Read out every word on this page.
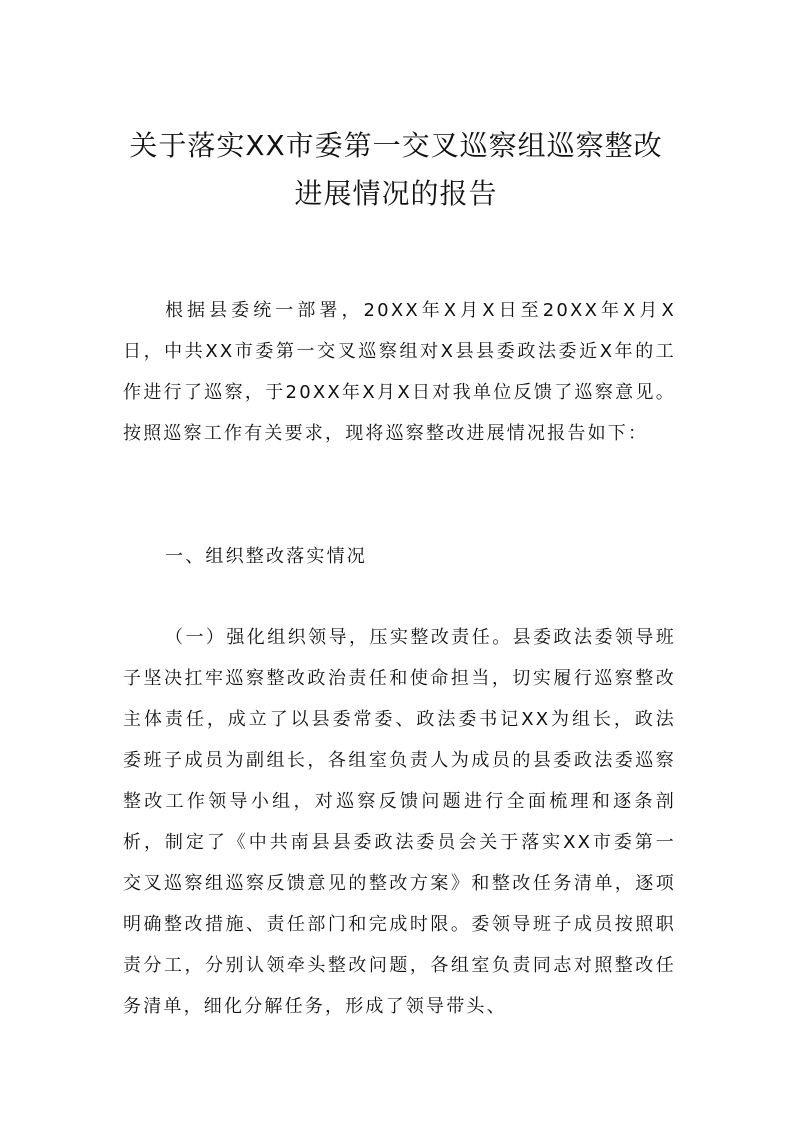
关于落实XX市委第一交叉巡察组巡察整改
进展情况的报告

根据县委统一部署，20XX年X月X日至20XX年X月X日，中共XX市委第一交叉巡察组对X县县委政法委近X年的工作进行了巡察，于20XX年X月X日对我单位反馈了巡察意见。按照巡察工作有关要求，现将巡察整改进展情况报告如下：

一、组织整改落实情况

（一）强化组织领导，压实整改责任。县委政法委领导班子坚决扛牢巡察整改政治责任和使命担当，切实履行巡察整改主体责任，成立了以县委常委、政法委书记XX为组长，政法委班子成员为副组长，各组室负责人为成员的县委政法委巡察整改工作领导小组，对巡察反馈问题进行全面梳理和逐条剖析，制定了《中共南县县委政法委员会关于落实XX市委第一交叉巡察组巡察反馈意见的整改方案》和整改任务清单，逐项明确整改措施、责任部门和完成时限。委领导班子成员按照职责分工，分别认领牵头整改问题，各组室负责同志对照整改任务清单，细化分解任务，形成了领导带头、
